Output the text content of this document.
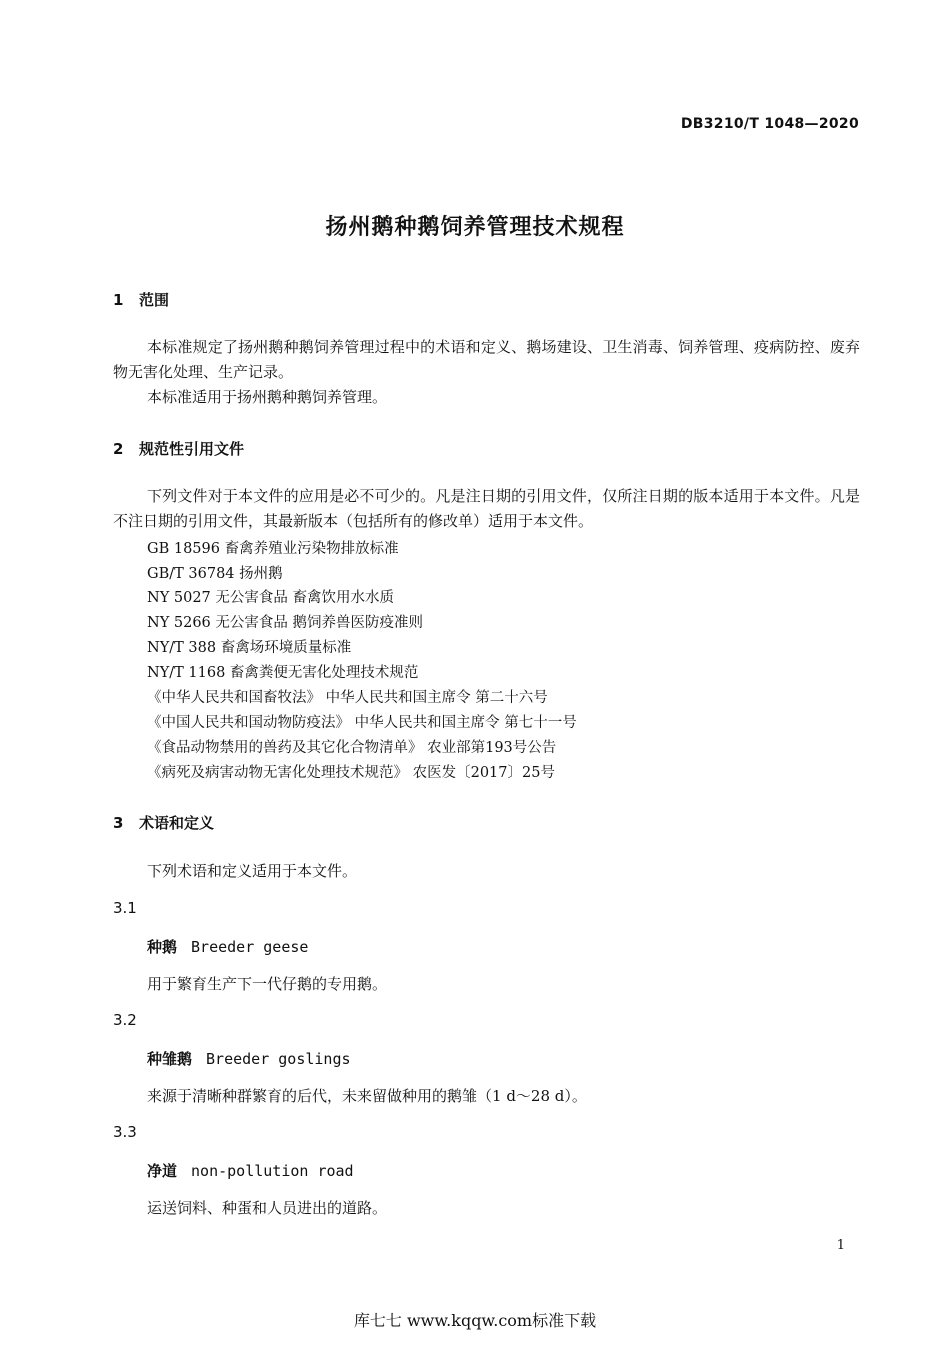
DB3210/T 1048—2020
扬州鹅种鹅饲养管理技术规程
1 范围
本标准规定了扬州鹅种鹅饲养管理过程中的术语和定义、鹅场建设、卫生消毒、饲养管理、疫病防控、废弃物无害化处理、生产记录。
本标准适用于扬州鹅种鹅饲养管理。
2 规范性引用文件
下列文件对于本文件的应用是必不可少的。凡是注日期的引用文件，仅所注日期的版本适用于本文件。凡是不注日期的引用文件，其最新版本（包括所有的修改单）适用于本文件。
GB 18596 畜禽养殖业污染物排放标准
GB/T 36784 扬州鹅
NY 5027 无公害食品 畜禽饮用水水质
NY 5266 无公害食品 鹅饲养兽医防疫准则
NY/T 388 畜禽场环境质量标准
NY/T 1168 畜禽粪便无害化处理技术规范
《中华人民共和国畜牧法》 中华人民共和国主席令 第二十六号
《中国人民共和国动物防疫法》 中华人民共和国主席令 第七十一号
《食品动物禁用的兽药及其它化合物清单》 农业部第193号公告
《病死及病害动物无害化处理技术规范》 农医发〔2017〕25号
3 术语和定义
下列术语和定义适用于本文件。
3.1
种鹅 Breeder geese
用于繁育生产下一代仔鹅的专用鹅。
3.2
种雏鹅 Breeder goslings
来源于清晰种群繁育的后代，未来留做种用的鹅雏（1 d～28 d）。
3.3
净道 non-pollution road
运送饲料、种蛋和人员进出的道路。
1
库七七 www.kqqw.com标准下载
